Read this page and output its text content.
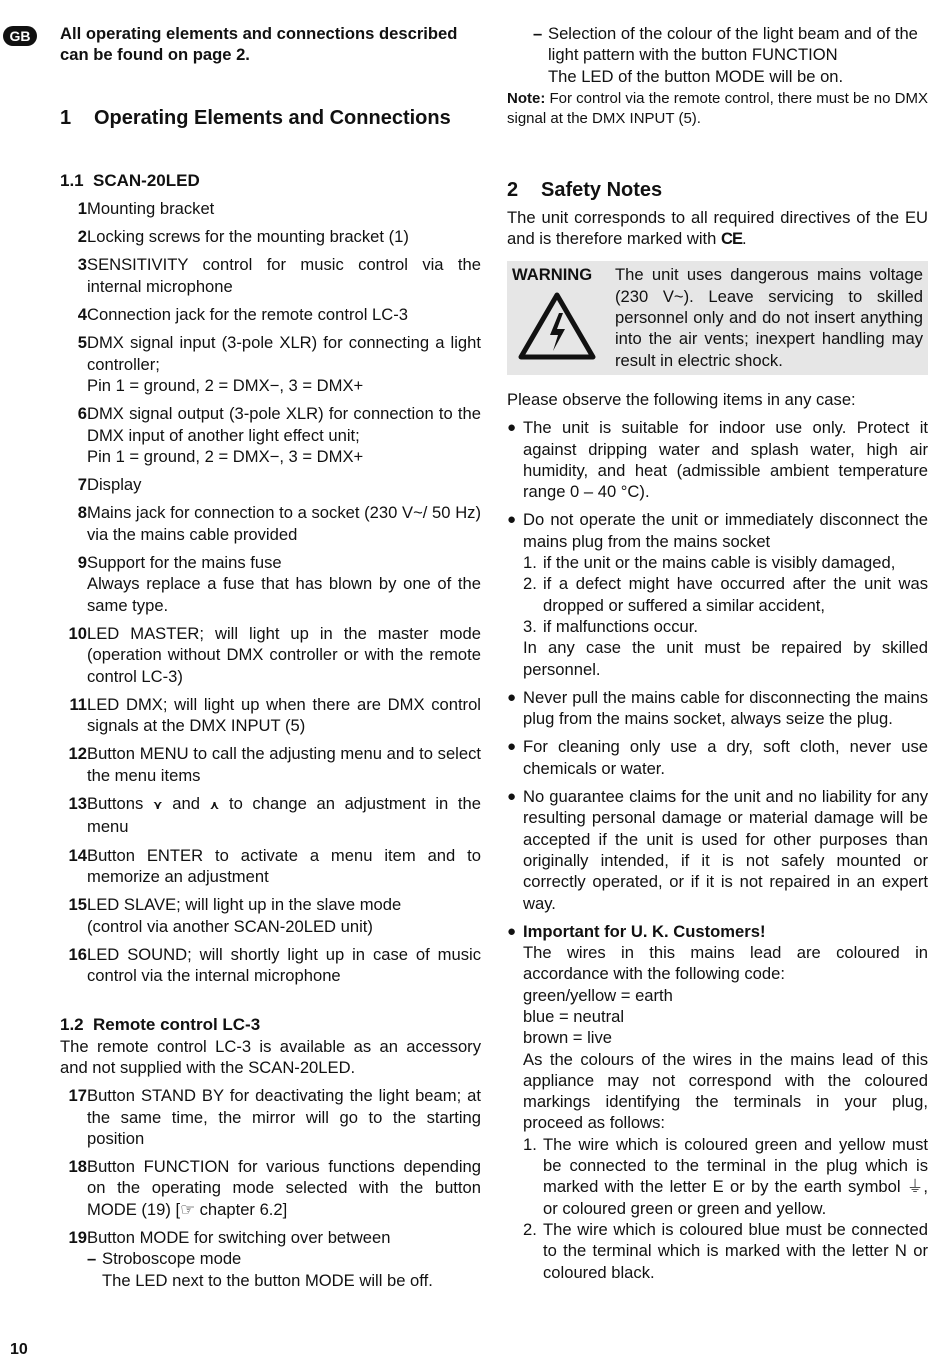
GB	All operating elements and connections described can be found on page 2.

1	Operating Elements and Connections
1.1 SCAN-20LED
1 Mounting bracket
2 Locking screws for the mounting bracket (1)
3 SENSITIVITY control for music control via the internal microphone
4 Connection jack for the remote control LC-3
5 DMX signal input (3-pole XLR) for connecting a light controller;
Pin 1 = ground, 2 = DMX−, 3 = DMX+
6 DMX signal output (3-pole XLR) for connection to the DMX input of another light effect unit;
Pin 1 = ground, 2 = DMX−, 3 = DMX+
7 Display
8 Mains jack for connection to a socket (230 V~/ 50 Hz) via the mains cable provided
9 Support for the mains fuse
Always replace a fuse that has blown by one of the same type.
10 LED MASTER; will light up in the master mode (operation without DMX controller or with the remote control LC-3)
11 LED DMX; will light up when there are DMX control signals at the DMX INPUT (5)
12 Button MENU to call the adjusting menu and to select the menu items
13 Buttons ⋎ and ⋏ to change an adjustment in the menu
14 Button ENTER to activate a menu item and to memorize an adjustment
15 LED SLAVE; will light up in the slave mode
(control via another SCAN-20LED unit)
16 LED SOUND; will shortly light up in case of music control via the internal microphone
1.2 Remote control LC-3

The remote control LC-3 is available as an accessory and not supplied with the SCAN-20LED.

17 Button STAND BY for deactivating the light beam; at the same time, the mirror will go to the starting position
18 Button FUNCTION for various functions depending on the operating mode selected with the button MODE (19) [☞ chapter 6.2]
19 Button MODE for switching over between
– Stroboscope mode
The LED next to the button MODE will be off.
– Selection of the colour of the light beam and of the light pattern with the button FUNCTION
The LED of the button MODE will be on.

Note: For control via the remote control, there must be no DMX signal at the DMX INPUT (5).

2	Safety Notes

The unit corresponds to all required directives of the EU and is therefore marked with CE.

WARNING	The unit uses dangerous mains voltage (230 V~). Leave servicing to skilled personnel only and do not insert anything into the air vents; inexpert handling may result in electric shock.

Please observe the following items in any case:

● The unit is suitable for indoor use only. Protect it against dripping water and splash water, high air humidity, and heat (admissible ambient temperature range 0 – 40 °C).
● Do not operate the unit or immediately disconnect the mains plug from the mains socket
1. if the unit or the mains cable is visibly damaged,
2. if a defect might have occurred after the unit was dropped or suffered a similar accident,
3. if malfunctions occur.
In any case the unit must be repaired by skilled personnel.
● Never pull the mains cable for disconnecting the mains plug from the mains socket, always seize the plug.
● For cleaning only use a dry, soft cloth, never use chemicals or water.
● No guarantee claims for the unit and no liability for any resulting personal damage or material damage will be accepted if the unit is used for other purposes than originally intended, if it is not safely mounted or correctly operated, or if it is not repaired in an expert way.
● Important for U. K. Customers!
The wires in this mains lead are coloured in accordance with the following code:
green/yellow = earth
blue = neutral
brown = live
As the colours of the wires in the mains lead of this appliance may not correspond with the coloured markings identifying the terminals in your plug, proceed as follows:
1. The wire which is coloured green and yellow must be connected to the terminal in the plug which is marked with the letter E or by the earth symbol ⏚, or coloured green or green and yellow.
2. The wire which is coloured blue must be connected to the terminal which is marked with the letter N or coloured black.
10
